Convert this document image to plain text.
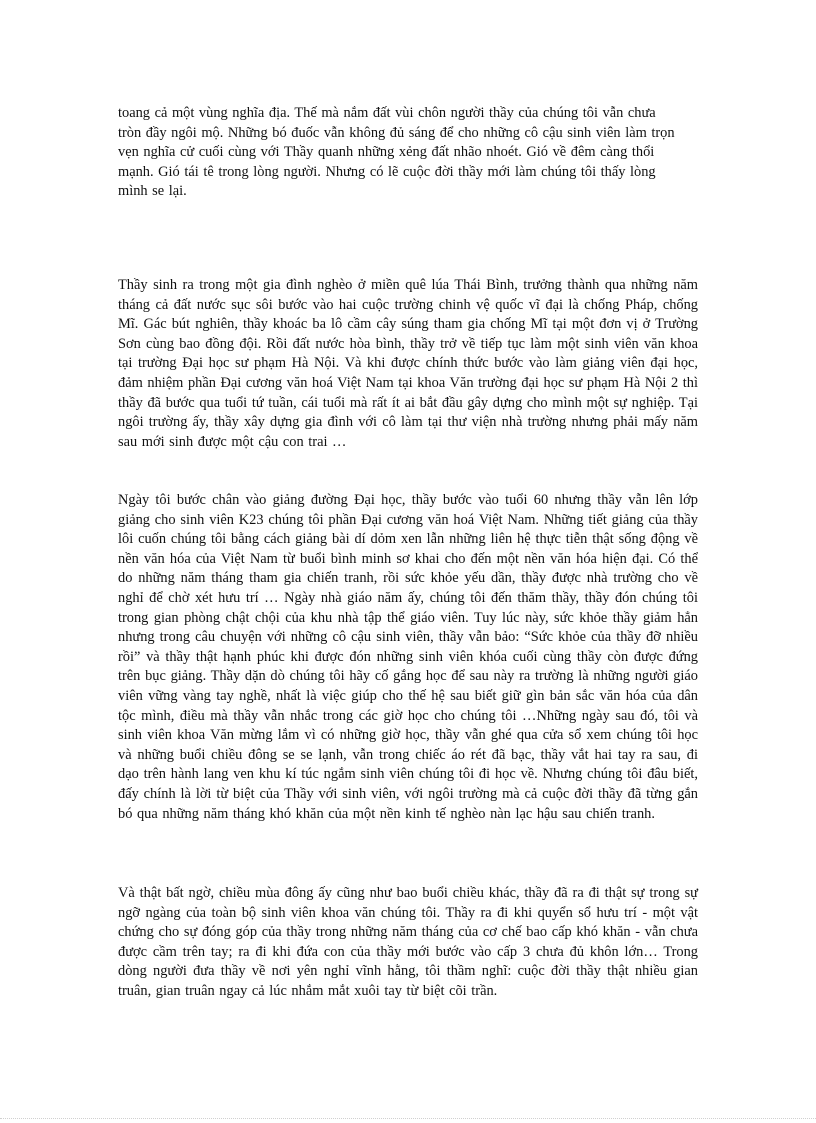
toang cả một vùng nghĩa địa. Thế mà nắm đất vùi chôn người thầy của chúng tôi vẫn chưa tròn đầy ngôi mộ. Những bó đuốc vẫn không đủ sáng để cho những cô cậu sinh viên làm trọn vẹn nghĩa cử cuối cùng với Thầy quanh những xẻng đất nhão nhoét. Gió về đêm càng thổi mạnh. Gió tái tê trong lòng người. Nhưng có lẽ cuộc đời thầy mới làm chúng tôi thấy lòng mình se lại.

Thầy sinh ra trong một gia đình nghèo ở miền quê lúa Thái Bình, trưởng thành qua những năm tháng cả đất nước sục sôi bước vào hai cuộc trường chinh vệ quốc vĩ đại là chống Pháp, chống Mĩ. Gác bút nghiên, thầy khoác ba lô cầm cây súng tham gia chống Mĩ tại một đơn vị ở Trường Sơn cùng bao đồng đội. Rồi đất nước hòa bình, thầy trở về tiếp tục làm một sinh viên văn khoa tại trường Đại học sư phạm Hà Nội. Và khi được chính thức bước vào làm giảng viên đại học, đảm nhiệm phần Đại cương văn hoá Việt Nam tại khoa Văn trường đại học sư phạm Hà Nội 2 thì thầy đã bước qua tuổi tứ tuần, cái tuổi mà rất ít ai bắt đầu gây dựng cho mình một sự nghiệp. Tại ngôi trường ấy, thầy xây dựng gia đình với cô làm tại thư viện nhà trường nhưng phải mấy năm sau mới sinh được một cậu con trai …

Ngày tôi bước chân vào giảng đường Đại học, thầy bước vào tuổi 60 nhưng thầy vẫn lên lớp giảng cho sinh viên K23 chúng tôi phần Đại cương văn hoá Việt Nam. Những tiết giảng của thầy lôi cuốn chúng tôi bằng cách giảng bài dí dỏm xen lẫn những liên hệ thực tiễn thật sống động về nền văn hóa của Việt Nam từ buổi bình minh sơ khai cho đến một nền văn hóa hiện đại. Có thể do những năm tháng tham gia chiến tranh, rồi sức khỏe yếu dần, thầy được nhà trường cho về nghỉ để chờ xét hưu trí … Ngày nhà giáo năm ấy, chúng tôi đến thăm thầy, thầy đón chúng tôi trong gian phòng chật chội của khu nhà tập thể giáo viên. Tuy lúc này, sức khỏe thầy giảm hẳn nhưng trong câu chuyện với những cô cậu sinh viên, thầy vẫn bảo: “Sức khỏe của thầy đỡ nhiều rồi” và thầy thật hạnh phúc khi được đón những sinh viên khóa cuối cùng thầy còn được đứng trên bục giảng. Thầy dặn dò chúng tôi hãy cố gắng học để sau này ra trường là những người giáo viên vững vàng tay nghề, nhất là việc giúp cho thế hệ sau biết giữ gìn bản sắc văn hóa của dân tộc mình, điều mà thầy vẫn nhắc trong các giờ học cho chúng tôi …Những ngày sau đó, tôi và sinh viên khoa Văn mừng lắm vì có những giờ học, thầy vẫn ghé qua cửa sổ xem chúng tôi học và những buổi chiều đông se se lạnh, vẫn trong chiếc áo rét đã bạc, thầy vắt hai tay ra sau, đi dạo trên hành lang ven khu kí túc ngắm sinh viên chúng tôi đi học về. Nhưng chúng tôi đâu biết, đấy chính là lời từ biệt của Thầy với sinh viên, với ngôi trường mà cả cuộc đời thầy đã từng gắn bó qua những năm tháng khó khăn của một nền kinh tế nghèo nàn lạc hậu sau chiến tranh.

Và thật bất ngờ, chiều mùa đông ấy cũng như bao buổi chiều khác, thầy đã ra đi thật sự trong sự ngỡ ngàng của toàn bộ sinh viên khoa văn chúng tôi. Thầy ra đi khi quyển sổ hưu trí - một vật chứng cho sự đóng góp của thầy trong những năm tháng của cơ chế bao cấp khó khăn - vẫn chưa được cầm trên tay; ra đi khi đứa con của thầy mới bước vào cấp 3 chưa đủ khôn lớn… Trong dòng người đưa thầy về nơi yên nghỉ vĩnh hằng, tôi thầm nghĩ: cuộc đời thầy thật nhiều gian truân, gian truân ngay cả lúc nhắm mắt xuôi tay từ biệt cõi trần.
